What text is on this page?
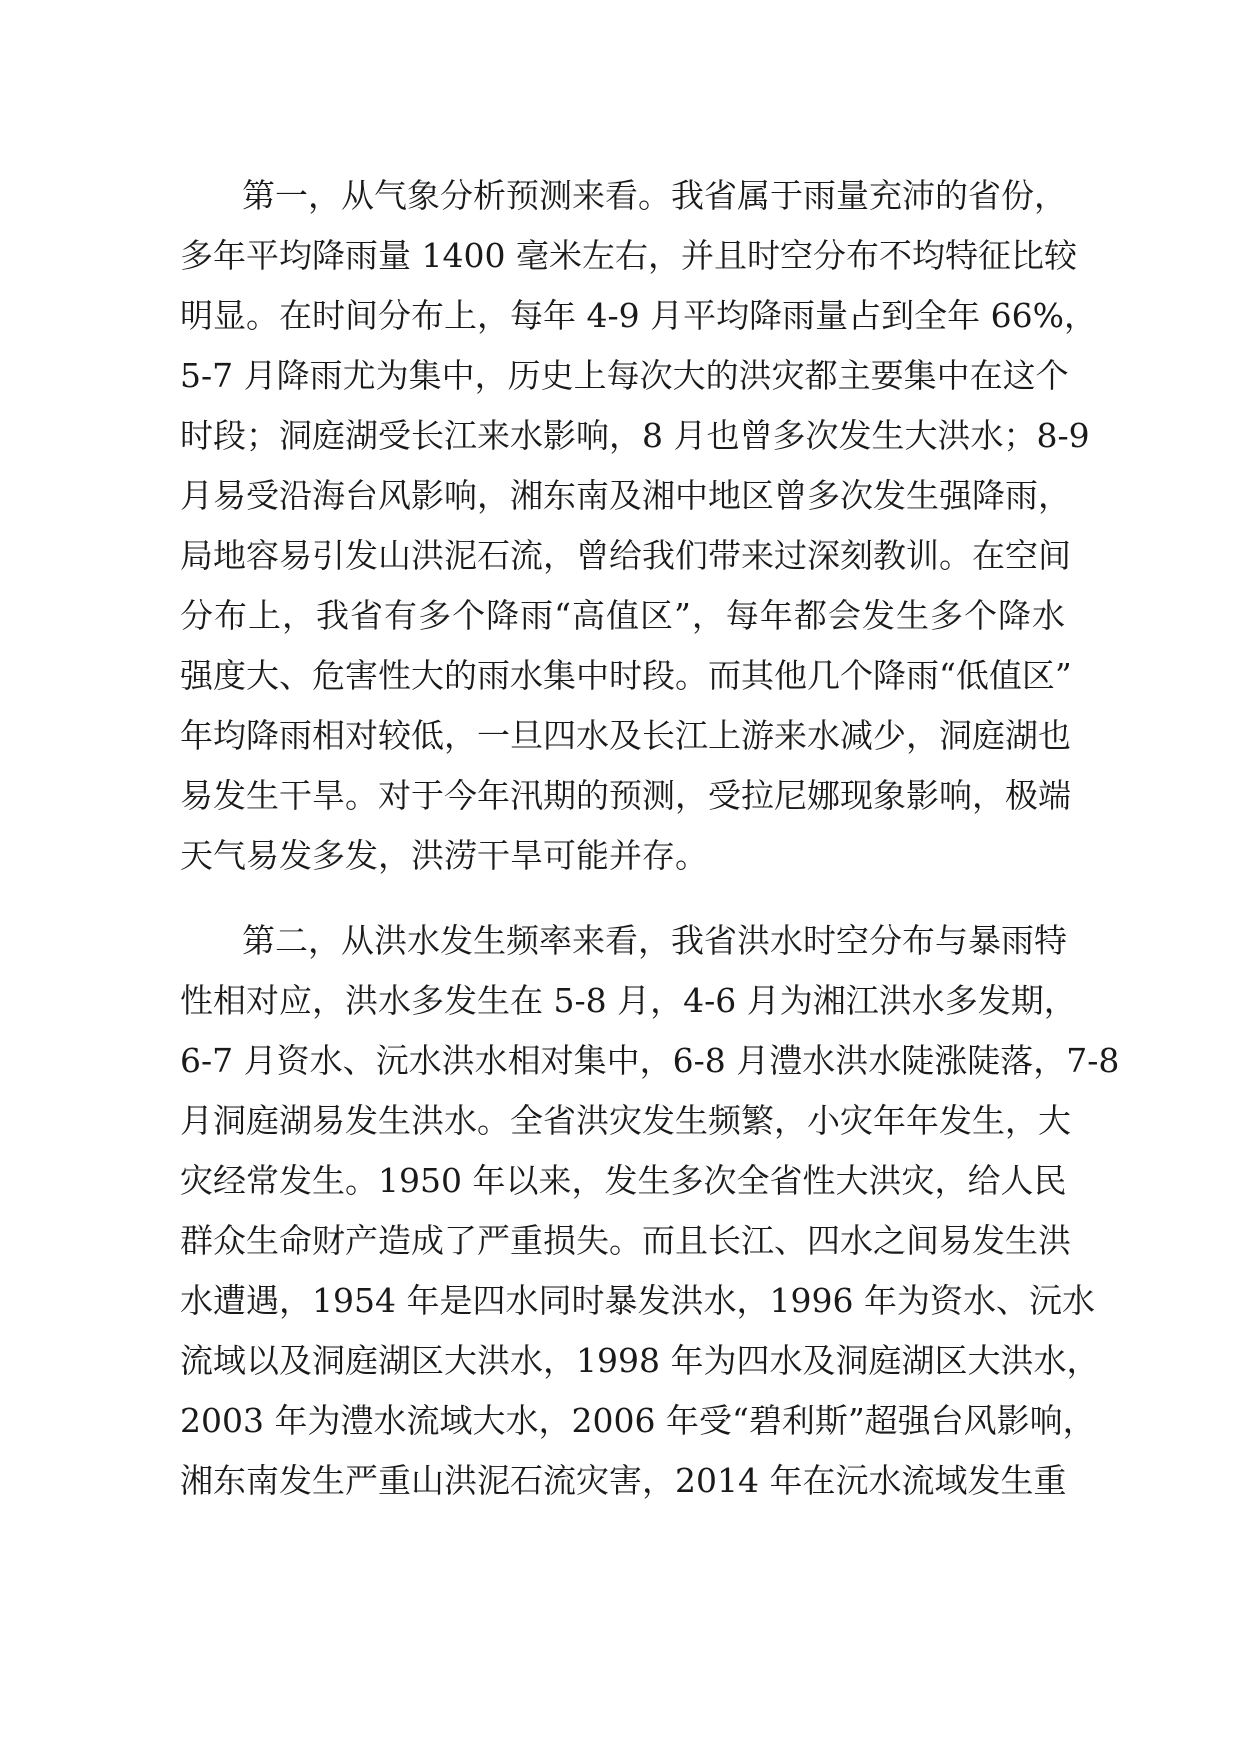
第一，从气象分析预测来看。我省属于雨量充沛的省份，
多年平均降雨量 1400 毫米左右，并且时空分布不均特征比较
明显。在时间分布上，每年 4-9 月平均降雨量占到全年 66%，
5-7 月降雨尤为集中，历史上每次大的洪灾都主要集中在这个
时段；洞庭湖受长江来水影响，8 月也曾多次发生大洪水；8-9
月易受沿海台风影响，湘东南及湘中地区曾多次发生强降雨，
局地容易引发山洪泥石流，曾给我们带来过深刻教训。在空间
分布上，我省有多个降雨“高值区”，每年都会发生多个降水
强度大、危害性大的雨水集中时段。而其他几个降雨“低值区”
年均降雨相对较低，一旦四水及长江上游来水减少，洞庭湖也
易发生干旱。对于今年汛期的预测，受拉尼娜现象影响，极端
天气易发多发，洪涝干旱可能并存。
第二，从洪水发生频率来看，我省洪水时空分布与暴雨特
性相对应，洪水多发生在 5-8 月，4-6 月为湘江洪水多发期，
6-7 月资水、沅水洪水相对集中，6-8 月澧水洪水陡涨陡落，7-8
月洞庭湖易发生洪水。全省洪灾发生频繁，小灾年年发生，大
灾经常发生。1950 年以来，发生多次全省性大洪灾，给人民
群众生命财产造成了严重损失。而且长江、四水之间易发生洪
水遭遇，1954 年是四水同时暴发洪水，1996 年为资水、沅水
流域以及洞庭湖区大洪水，1998 年为四水及洞庭湖区大洪水，
2003 年为澧水流域大水，2006 年受“碧利斯”超强台风影响，
湘东南发生严重山洪泥石流灾害，2014 年在沅水流域发生重
